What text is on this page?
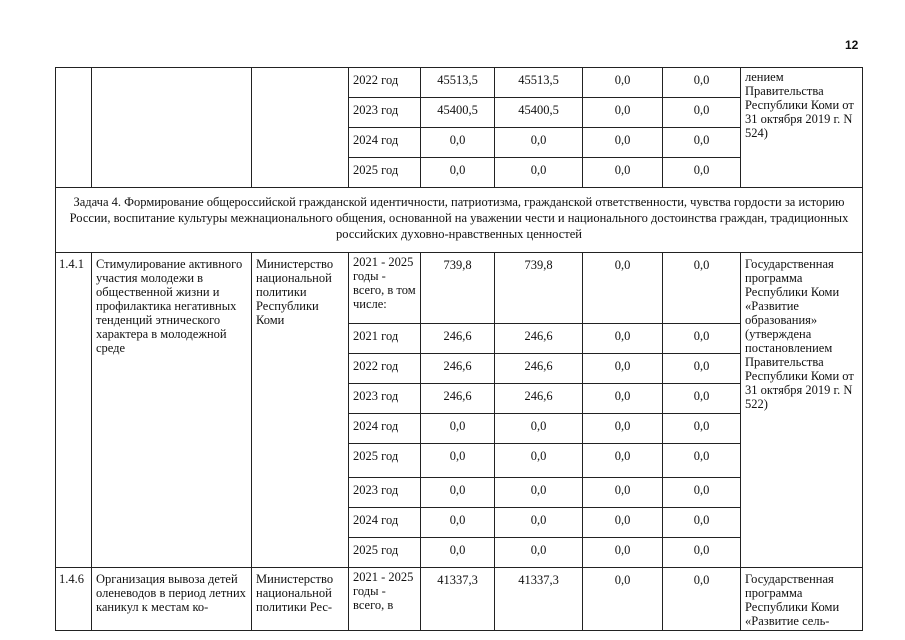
12
			2022 год	45513,5	45513,5	0,0	0,0	лением Правительства Республики Коми от 31 октября 2019 г. N 524)
			2023 год	45400,5	45400,5	0,0	0,0	
			2024 год	0,0	0,0	0,0	0,0	
			2025 год	0,0	0,0	0,0	0,0	
Задача 4. Формирование общероссийской гражданской идентичности, патриотизма, гражданской ответственности, чувства гордости за историю России, воспитание культуры межнационального общения, основанной на уважении чести и национального достоинства граждан, традиционных российских духовно-нравственных ценностей								
1.4.1	Стимулирование активного участия молодежи в общественной жизни и профилактика негативных тенденций этнического характера в молодежной среде	Министерство национальной политики Республики Коми	2021 - 2025 годы - всего, в том числе:	739,8	739,8	0,0	0,0	Государственная программа Республики Коми «Развитие образования» (утверждена постановлением Правительства Республики Коми от 31 октября 2019 г. N 522)
			2021 год	246,6	246,6	0,0	0,0	
			2022 год	246,6	246,6	0,0	0,0	
			2023 год	246,6	246,6	0,0	0,0	
			2024 год	0,0	0,0	0,0	0,0	
			2025 год	0,0	0,0	0,0	0,0	
			2023 год	0,0	0,0	0,0	0,0	
			2024 год	0,0	0,0	0,0	0,0	
			2025 год	0,0	0,0	0,0	0,0	
1.4.6	Организация вывоза детей оленеводов в период летних каникул к местам ко-	Министерство национальной политики Рес-	2021 - 2025 годы - всего, в	41337,3	41337,3	0,0	0,0	Государственная программа Республики Коми «Развитие сель-
